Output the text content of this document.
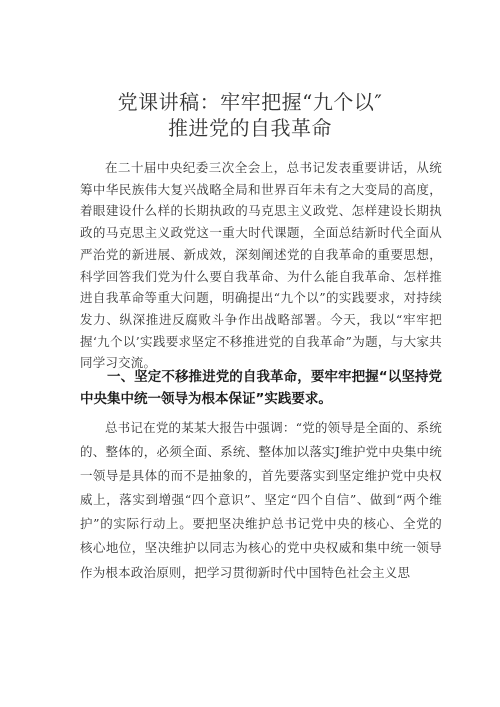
党课讲稿：牢牢把握“九个以″
推进党的自我革命
在二十届中央纪委三次全会上，总书记发表重要讲话，从统筹中华民族伟大复兴战略全局和世界百年未有之大变局的高度，着眼建设什么样的长期执政的马克思主义政党、怎样建设长期执政的马克思主义政党这一重大时代课题，全面总结新时代全面从严治党的新进展、新成效，深刻阐述党的自我革命的重要思想，科学回答我们党为什么要自我革命、为什么能自我革命、怎样推进自我革命等重大问题，明确提出“九个以”的实践要求，对持续发力、纵深推进反腐败斗争作出战略部署。今天，我以“牢牢把握‘九个以’实践要求坚定不移推进党的自我革命”为题，与大家共同学习交流。
一、坚定不移推进党的自我革命，要牢牢把握“以坚持党中央集中统一领导为根本保证”实践要求。
总书记在党的某某大报告中强调：“党的领导是全面的、系统的、整体的，必须全面、系统、整体加以落实J维护党中央集中统一领导是具体的而不是抽象的，首先要落实到坚定维护党中央权威上，落实到增强“四个意识”、坚定“四个自信”、做到“两个维护”的实际行动上。要把坚决维护总书记党中央的核心、全党的核心地位，坚决维护以同志为核心的党中央权威和集中统一领导作为根本政治原则，把学习贯彻新时代中国特色社会主义思
